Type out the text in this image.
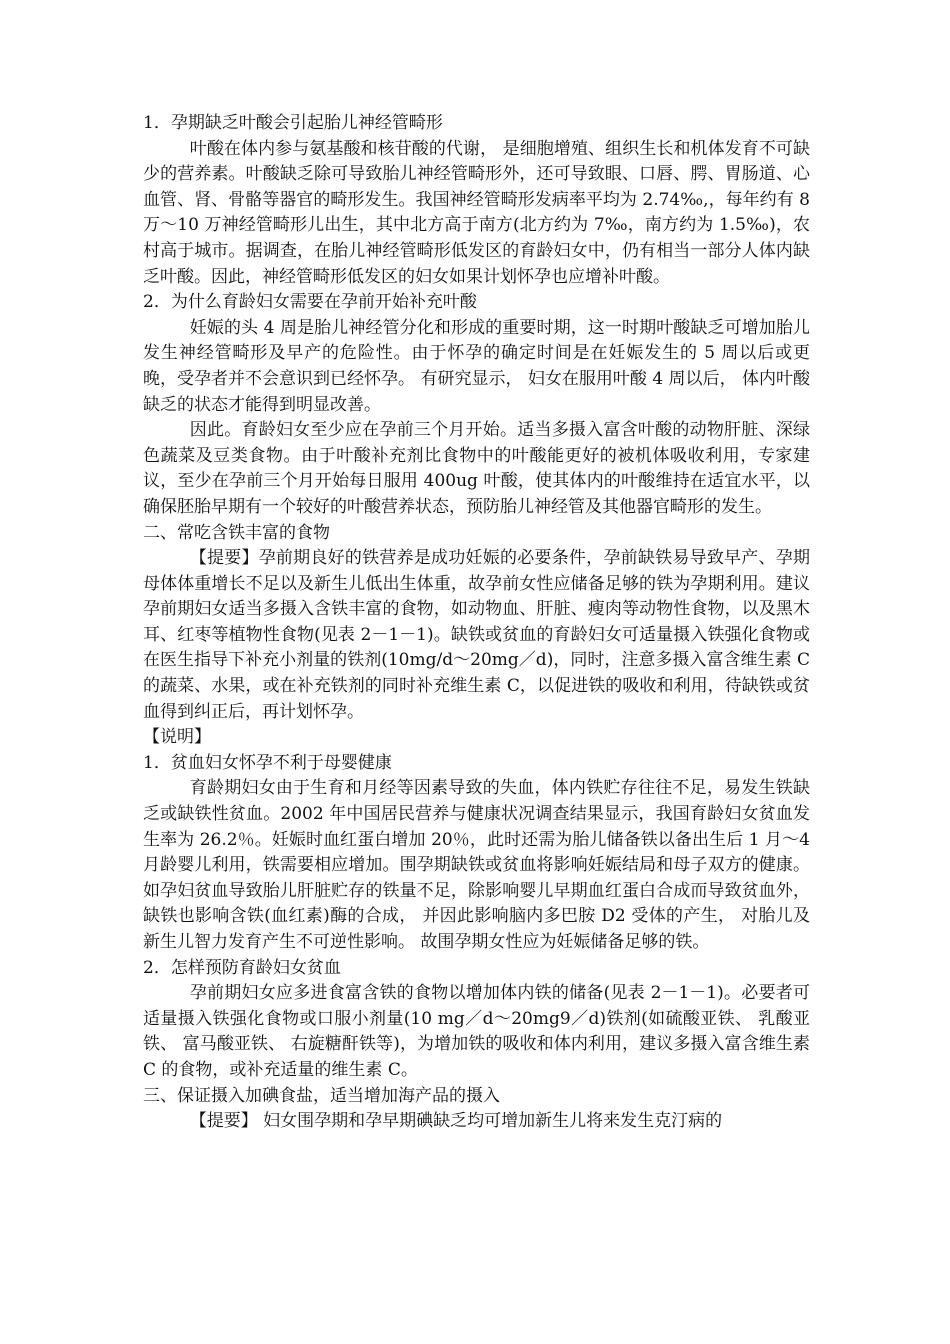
1．孕期缺乏叶酸会引起胎儿神经管畸形
叶酸在体内参与氨基酸和核苷酸的代谢， 是细胞增殖、组织生长和机体发育不可缺少的营养素。叶酸缺乏除可导致胎儿神经管畸形外，还可导致眼、口唇、腭、胃肠道、心血管、肾、骨骼等器官的畸形发生。我国神经管畸形发病率平均为 2.74‰,，每年约有 8 万～10 万神经管畸形儿出生，其中北方高于南方(北方约为 7‰，南方约为 1.5‰)，农村高于城市。据调查，在胎儿神经管畸形低发区的育龄妇女中，仍有相当一部分人体内缺乏叶酸。因此，神经管畸形低发区的妇女如果计划怀孕也应增补叶酸。
2．为什么育龄妇女需要在孕前开始补充叶酸
妊娠的头 4 周是胎儿神经管分化和形成的重要时期，这一时期叶酸缺乏可增加胎儿发生神经管畸形及早产的危险性。由于怀孕的确定时间是在妊娠发生的 5 周以后或更晚，受孕者并不会意识到已经怀孕。 有研究显示， 妇女在服用叶酸 4 周以后， 体内叶酸缺乏的状态才能得到明显改善。
因此。育龄妇女至少应在孕前三个月开始。适当多摄入富含叶酸的动物肝脏、深绿色蔬菜及豆类食物。由于叶酸补充剂比食物中的叶酸能更好的被机体吸收利用，专家建议，至少在孕前三个月开始每日服用 400ug 叶酸，使其体内的叶酸维持在适宜水平，以确保胚胎早期有一个较好的叶酸营养状态，预防胎儿神经管及其他器官畸形的发生。
二、常吃含铁丰富的食物
【提要】孕前期良好的铁营养是成功妊娠的必要条件，孕前缺铁易导致早产、孕期母体体重增长不足以及新生儿低出生体重，故孕前女性应储备足够的铁为孕期利用。建议孕前期妇女适当多摄入含铁丰富的食物，如动物血、肝脏、瘦肉等动物性食物，以及黑木耳、红枣等植物性食物(见表 2－1－1)。缺铁或贫血的育龄妇女可适量摄入铁强化食物或在医生指导下补充小剂量的铁剂(10mg/d～20mg／d)，同时，注意多摄入富含维生素 C 的蔬菜、水果，或在补充铁剂的同时补充维生素 C，以促进铁的吸收和利用，待缺铁或贫血得到纠正后，再计划怀孕。
【说明】
1．贫血妇女怀孕不利于母婴健康
育龄期妇女由于生育和月经等因素导致的失血，体内铁贮存往往不足，易发生铁缺乏或缺铁性贫血。2002 年中国居民营养与健康状况调查结果显示，我国育龄妇女贫血发生率为 26.2％。妊娠时血红蛋白增加 20％，此时还需为胎儿储备铁以备出生后 1 月～4 月龄婴儿利用，铁需要相应增加。围孕期缺铁或贫血将影响妊娠结局和母子双方的健康。如孕妇贫血导致胎儿肝脏贮存的铁量不足，除影响婴儿早期血红蛋白合成而导致贫血外，缺铁也影响含铁(血红素)酶的合成， 并因此影响脑内多巴胺 D2 受体的产生， 对胎儿及新生儿智力发育产生不可逆性影响。 故围孕期女性应为妊娠储备足够的铁。
2．怎样预防育龄妇女贫血
孕前期妇女应多进食富含铁的食物以增加体内铁的储备(见表 2－1－1)。必要者可适量摄入铁强化食物或口服小剂量(10 mg／d～20mg9／d)铁剂(如硫酸亚铁、 乳酸亚铁、 富马酸亚铁、 右旋糖酐铁等)，为增加铁的吸收和体内利用，建议多摄入富含维生素 C 的食物，或补充适量的维生素 C。
三、保证摄入加碘食盐，适当增加海产品的摄入
【提要】 妇女围孕期和孕早期碘缺乏均可增加新生儿将来发生克汀病的
